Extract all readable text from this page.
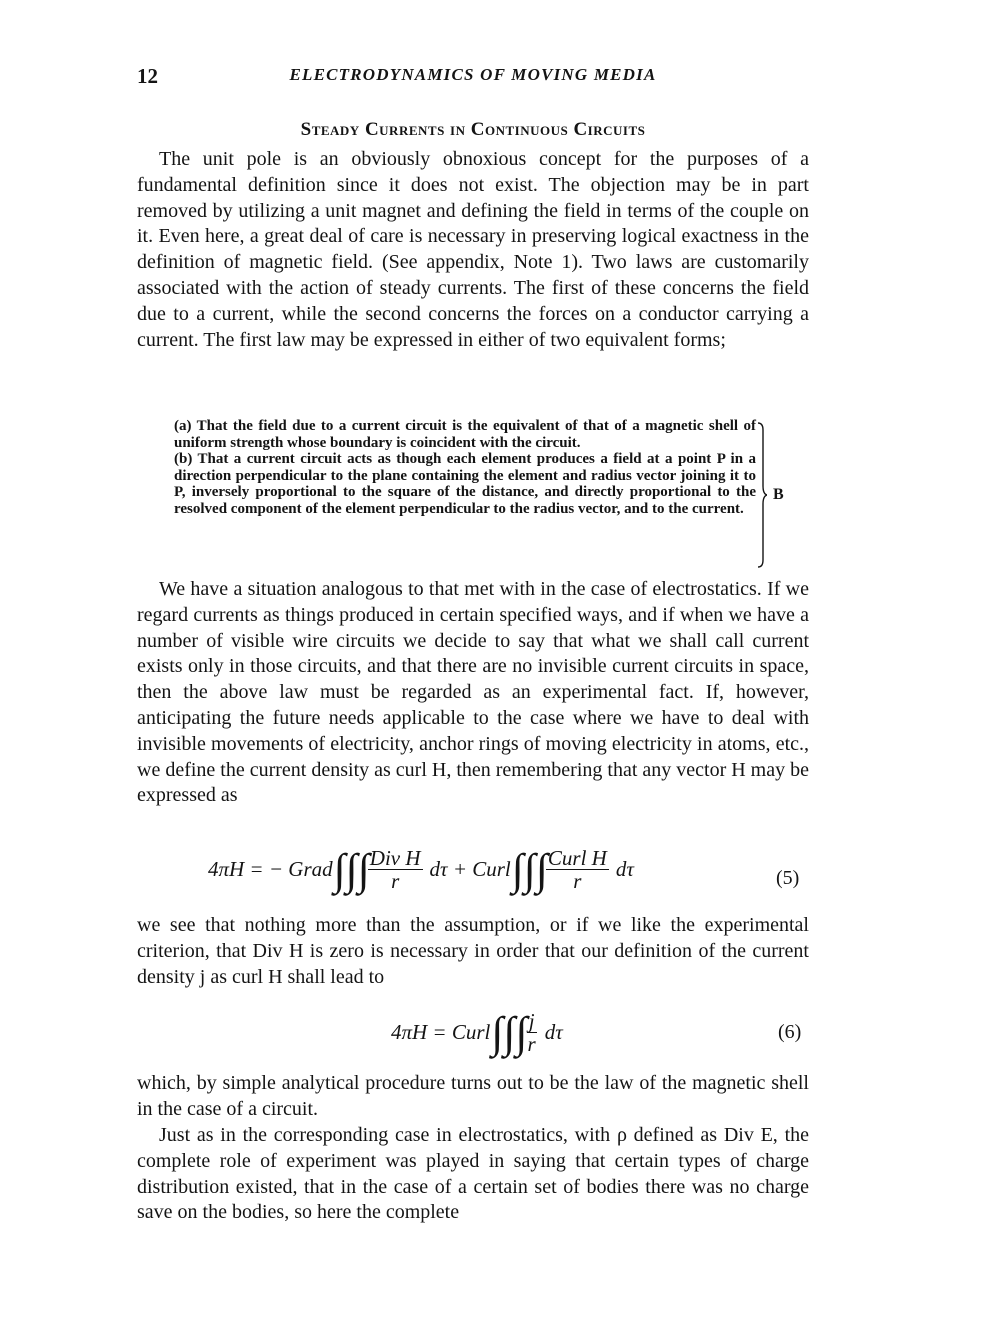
12	ELECTRODYNAMICS OF MOVING MEDIA
Steady Currents in Continuous Circuits

The unit pole is an obviously obnoxious concept for the purposes of a fundamental definition since it does not exist. The objection may be in part removed by utilizing a unit magnet and defining the field in terms of the couple on it. Even here, a great deal of care is necessary in preserving logical exactness in the definition of magnetic field. (See appendix, Note 1). Two laws are customarily associated with the action of steady currents. The first of these concerns the field due to a current, while the second concerns the forces on a conductor carrying a current. The first law may be expressed in either of two equivalent forms;

(a) That the field due to a current circuit is the equivalent of that of a magnetic shell of uniform strength whose boundary is coincident with the circuit.

(b) That a current circuit acts as though each element produces a field at a point P in a direction perpendicular to the plane containing the element and radius vector joining it to P, inversely proportional to the square of the distance, and directly proportional to the resolved component of the element perpendicular to the radius vector, and to the current.

B

We have a situation analogous to that met with in the case of electrostatics. If we regard currents as things produced in certain specified ways, and if when we have a number of visible wire circuits we decide to say that what we shall call current exists only in those circuits, and that there are no invisible current circuits in space, then the above law must be regarded as an experimental fact. If, however, anticipating the future needs applicable to the case where we have to deal with invisible movements of electricity, anchor rings of moving electricity in atoms, etc., we define the current density as curl H, then remembering that any vector H may be expressed as

4πH = − Grad ∫∫∫
$\frac{\text{Div H}}{r}$ dτ + Curl ∫∫∫
$\frac{\text{Curl H}}{r}$ dτ	(5)

we see that nothing more than the assumption, or if we like the experimental criterion, that Div H is zero is necessary in order that our definition of the current density j as curl H shall lead to

4πH = Curl ∫∫∫
$\frac{j}{r}$ dτ	(6)

which, by simple analytical procedure turns out to be the law of the magnetic shell in the case of a circuit.

Just as in the corresponding case in electrostatics, with ρ defined as Div E, the complete role of experiment was played in saying that certain types of charge distribution existed, that in the case of a certain set of bodies there was no charge save on the bodies, so here the complete
